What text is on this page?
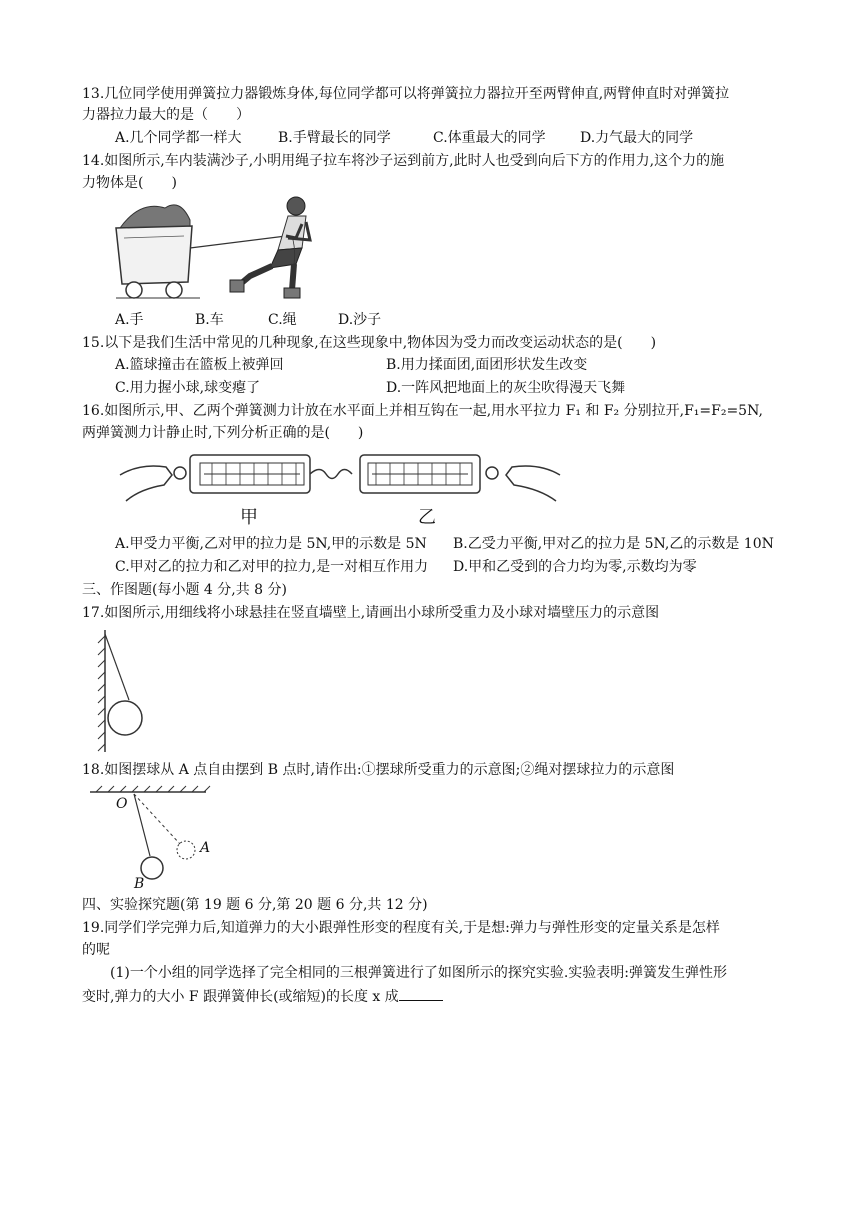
13.几位同学使用弹簧拉力器锻炼身体,每位同学都可以将弹簧拉力器拉开至两臂伸直,两臂伸直时对弹簧拉
力器拉力最大的是（　　）
A.几个同学都一样大	B.手臂最长的同学	C.体重最大的同学 D.力气最大的同学
14.如图所示,车内装满沙子,小明用绳子拉车将沙子运到前方,此时人也受到向后下方的作用力,这个力的施
力物体是(　　)
A.手	B.车	C.绳	D.沙子
15.以下是我们生活中常见的几种现象,在这些现象中,物体因为受力而改变运动状态的是(　　)
A.篮球撞击在篮板上被弹回	B.用力揉面团,面团形状发生改变
C.用力握小球,球变瘪了	D.一阵风把地面上的灰尘吹得漫天飞舞
16.如图所示,甲、乙两个弹簧测力计放在水平面上并相互钩在一起,用水平拉力 F₁ 和 F₂ 分别拉开,F₁=F₂=5N,
两弹簧测力计静止时,下列分析正确的是(　　)
甲	乙
A.甲受力平衡,乙对甲的拉力是 5N,甲的示数是 5N B.乙受力平衡,甲对乙的拉力是 5N,乙的示数是 10N
C.甲对乙的拉力和乙对甲的拉力,是一对相互作用力 D.甲和乙受到的合力均为零,示数均为零
三、作图题(每小题 4 分,共 8 分)
17.如图所示,用细线将小球悬挂在竖直墙壁上,请画出小球所受重力及小球对墙壁压力的示意图
18.如图摆球从 A 点自由摆到 B 点时,请作出:①摆球所受重力的示意图;②绳对摆球拉力的示意图
O
A
B
四、实验探究题(第 19 题 6 分,第 20 题 6 分,共 12 分)
19.同学们学完弹力后,知道弹力的大小跟弹性形变的程度有关,于是想:弹力与弹性形变的定量关系是怎样
的呢
(1)一个小组的同学选择了完全相同的三根弹簧进行了如图所示的探究实验.实验表明:弹簧发生弹性形
变时,弹力的大小 F 跟弹簧伸长(或缩短)的长度 x 成
